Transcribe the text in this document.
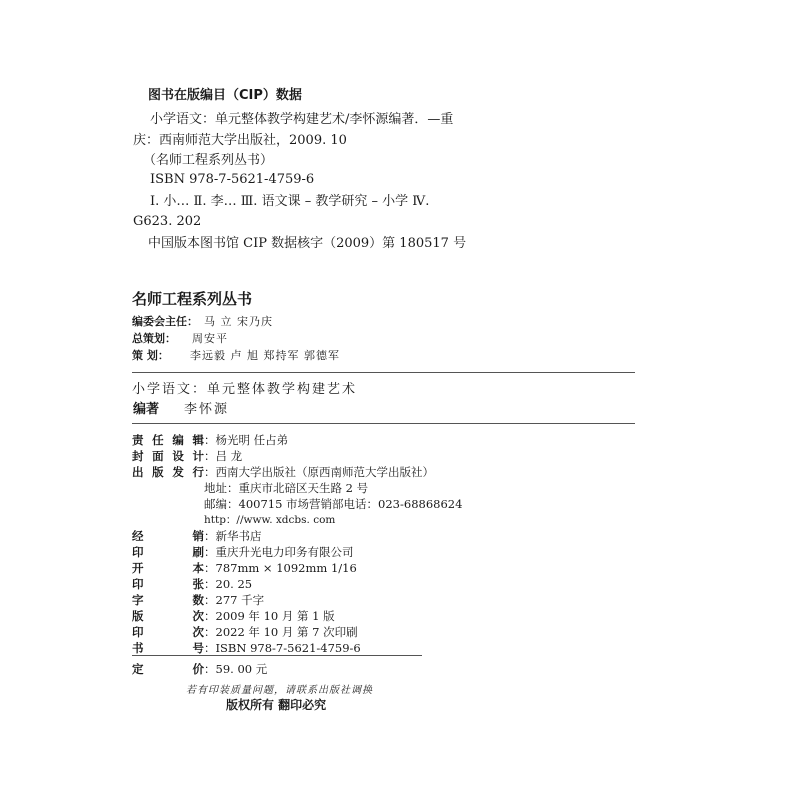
图书在版编目（CIP）数据
小学语文：单元整体教学构建艺术/李怀源编著．—重
庆：西南师范大学出版社，2009. 10
（名师工程系列丛书）
ISBN 978-7-5621-4759-6
Ⅰ. 小… Ⅱ. 李… Ⅲ. 语文课 – 教学研究 – 小学 Ⅳ.
G623. 202
中国版本图书馆 CIP 数据核字（2009）第 180517 号
名师工程系列丛书
编委会主任： 马 立 宋乃庆
总策划： 周安平
策 划： 李远毅 卢 旭 郑持军 郭德军
小学语文：单元整体教学构建艺术
编著 李怀源
责 任 编 辑 ：杨光明 任占弟
封 面 设 计 ：吕 龙
出 版 发 行 ：西南大学出版社（原西南师范大学出版社）
地址：重庆市北碚区天生路 2 号
邮编：400715 市场营销部电话：023-68868624
http：//www. xdcbs. com
经	销 ：新华书店
印	刷 ：重庆升光电力印务有限公司
开	本 ：787mm × 1092mm 1/16
印	张 ：20. 25
字	数 ：277 千字
版	次 ：2009 年 10 月 第 1 版
印	次 ：2022 年 10 月 第 7 次印刷
书	号 ：ISBN 978-7-5621-4759-6
定	价 ：59. 00 元
若有印装质量问题，请联系出版社调换
版权所有 翻印必究
